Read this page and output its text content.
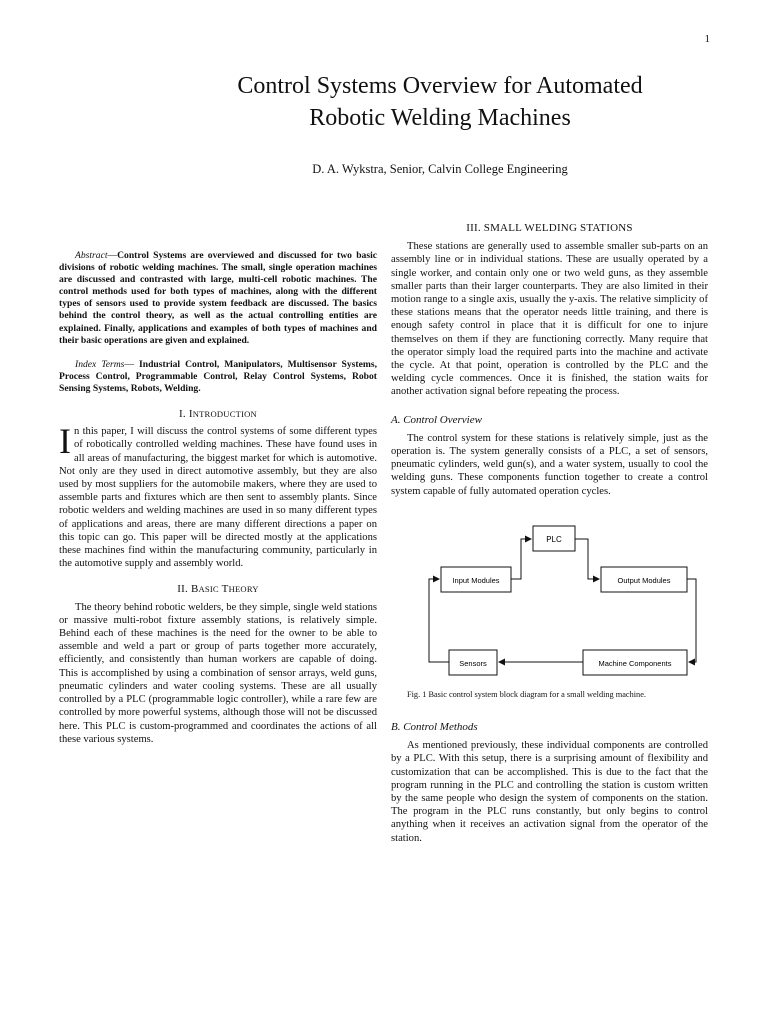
1
Control Systems Overview for Automated
Robotic Welding Machines
D. A. Wykstra, Senior, Calvin College Engineering

Abstract—Control Systems are overviewed and discussed for two basic divisions of robotic welding machines. The small, single operation machines are discussed and contrasted with large, multi-cell robotic machines. The control methods used for both types of machines, along with the different types of sensors used to provide system feedback are discussed. The basics behind the control theory, as well as the actual controlling entities are explained. Finally, applications and examples of both types of machines and their basic operations are given and explained.

Index Terms— Industrial Control, Manipulators, Multisensor Systems, Process Control, Programmable Control, Relay Control Systems, Robot Sensing Systems, Robots, Welding.

I. INTRODUCTION

In this paper, I will discuss the control systems of some different types of robotically controlled welding machines. These have found uses in all areas of manufacturing, the biggest market for which is automotive. Not only are they used in direct automotive assembly, but they are also used by most suppliers for the automobile makers, where they are used to assemble parts and fixtures which are then sent to assembly plants. Since robotic welders and welding machines are used in so many different types of applications and areas, there are many different directions a paper on this topic can go. This paper will be directed mostly at the applications these machines find within the manufacturing community, particularly in the automotive supply and assembly world.

II. BASIC THEORY

The theory behind robotic welders, be they simple, single weld stations or massive multi-robot fixture assembly stations, is relatively simple. Behind each of these machines is the need for the owner to be able to assemble and weld a part or group of parts together more accurately, efficiently, and consistently than human workers are capable of doing. This is accomplished by using a combination of sensor arrays, weld guns, pneumatic cylinders and water cooling systems. These are all usually controlled by a PLC (programmable logic controller), while a rare few are controlled by more powerful systems, although those will not be discussed here. This PLC is custom-programmed and coordinates the actions of all these various systems.

III. SMALL WELDING STATIONS

These stations are generally used to assemble smaller sub-parts on an assembly line or in individual stations. These are usually operated by a single worker, and contain only one or two weld guns, as they assemble smaller parts than their larger counterparts. They are also limited in their motion range to a single axis, usually the y-axis. The relative simplicity of these stations means that the operator needs little training, and there is enough safety control in place that it is difficult for one to injure themselves on them if they are functioning correctly. Many require that the operator simply load the required parts into the machine and activate the cycle. At that point, operation is controlled by the PLC and the welding cycle commences. Once it is finished, the station waits for another activation signal before repeating the process.

A. Control Overview

The control system for these stations is relatively simple, just as the operation is. The system generally consists of a PLC, a set of sensors, pneumatic cylinders, weld gun(s), and a water system, usually to cool the welding guns. These components function together to create a control system capable of fully automated operation cycles.

PLC
Input Modules	Output Modules
Sensors	Machine Components

Fig. 1 Basic control system block diagram for a small welding machine.

B. Control Methods

As mentioned previously, these individual components are controlled by a PLC. With this setup, there is a surprising amount of flexibility and customization that can be accomplished. This is due to the fact that the program running in the PLC and controlling the station is custom written by the same people who design the system of components on the station. The program in the PLC runs constantly, but only begins to control anything when it receives an activation signal from the operator of the station.
